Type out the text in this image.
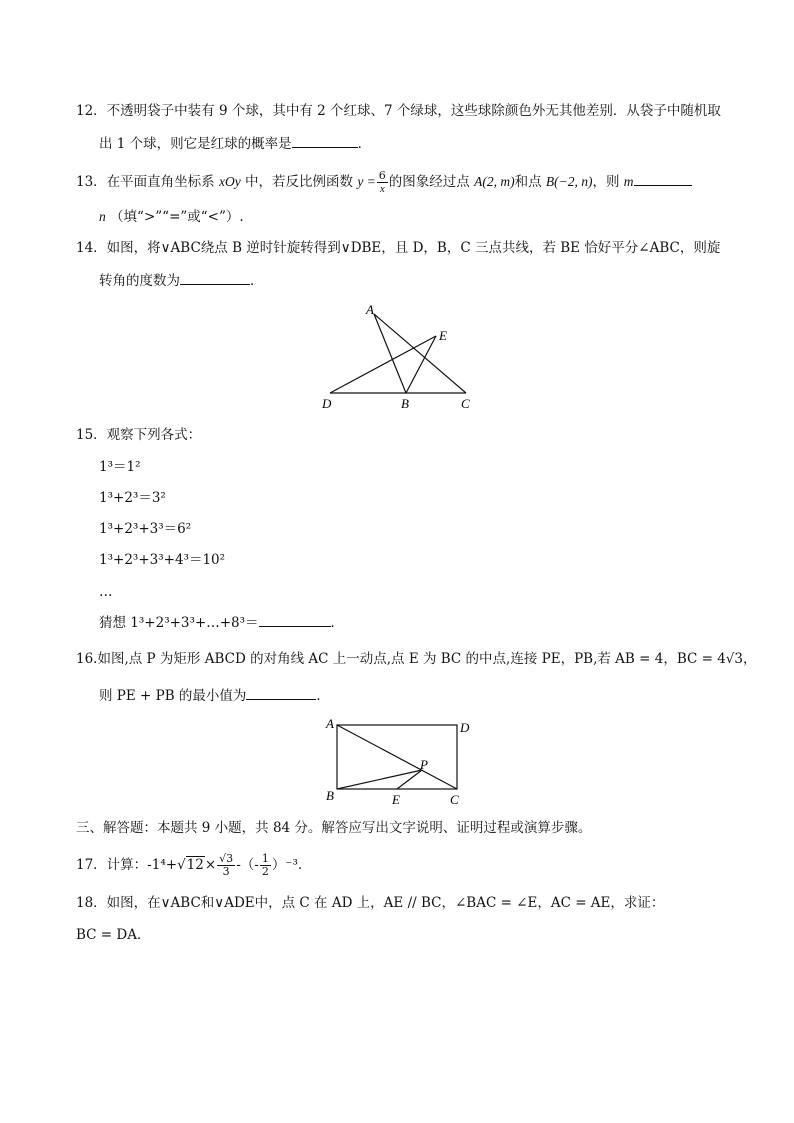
12．不透明袋子中装有 9 个球，其中有 2 个红球、7 个绿球，这些球除颜色外无其他差别．从袋子中随机取
出 1 个球，则它是红球的概率是	．
13．在平面直角坐标系 xOy 中，若反比例函数 $y = \frac{6}{x}$ 的图象经过点 A(2, m)和点 B(−2, n)，则 m
n （填“>”“=”或“<”）.
14．如图，将∨ABC绕点 B 逆时针旋转得到∨DBE，且 D，B，C 三点共线，若 BE 恰好平分∠ABC，则旋
转角的度数为	．
A
E
D	B	C
15．观察下列各式：
1³＝1²
1³+2³＝3²
1³+2³+3³＝6²
1³+2³+3³+4³＝10²
…
猜想 1³+2³+3³+…+8³＝	．
16.如图,点 P 为矩形 ABCD 的对角线 AC 上一动点,点 E 为 BC 的中点,连接 PE，PB,若 AB = 4，BC = 4√3，
则 PE + PB 的最小值为	．
A	D
P
B	E	C
三、解答题：本题共 9 小题，共 84 分。解答应写出文字说明、证明过程或演算步骤。
17．计算：$-1^4+√12\times \frac{√3}{3}$ -（- $\frac{1}{2} )^{-3}$.
18．如图，在∨ABC和∨ADE中，点 C 在 AD 上，AE // BC，∠BAC = ∠E，AC = AE，求证：
BC = DA．
